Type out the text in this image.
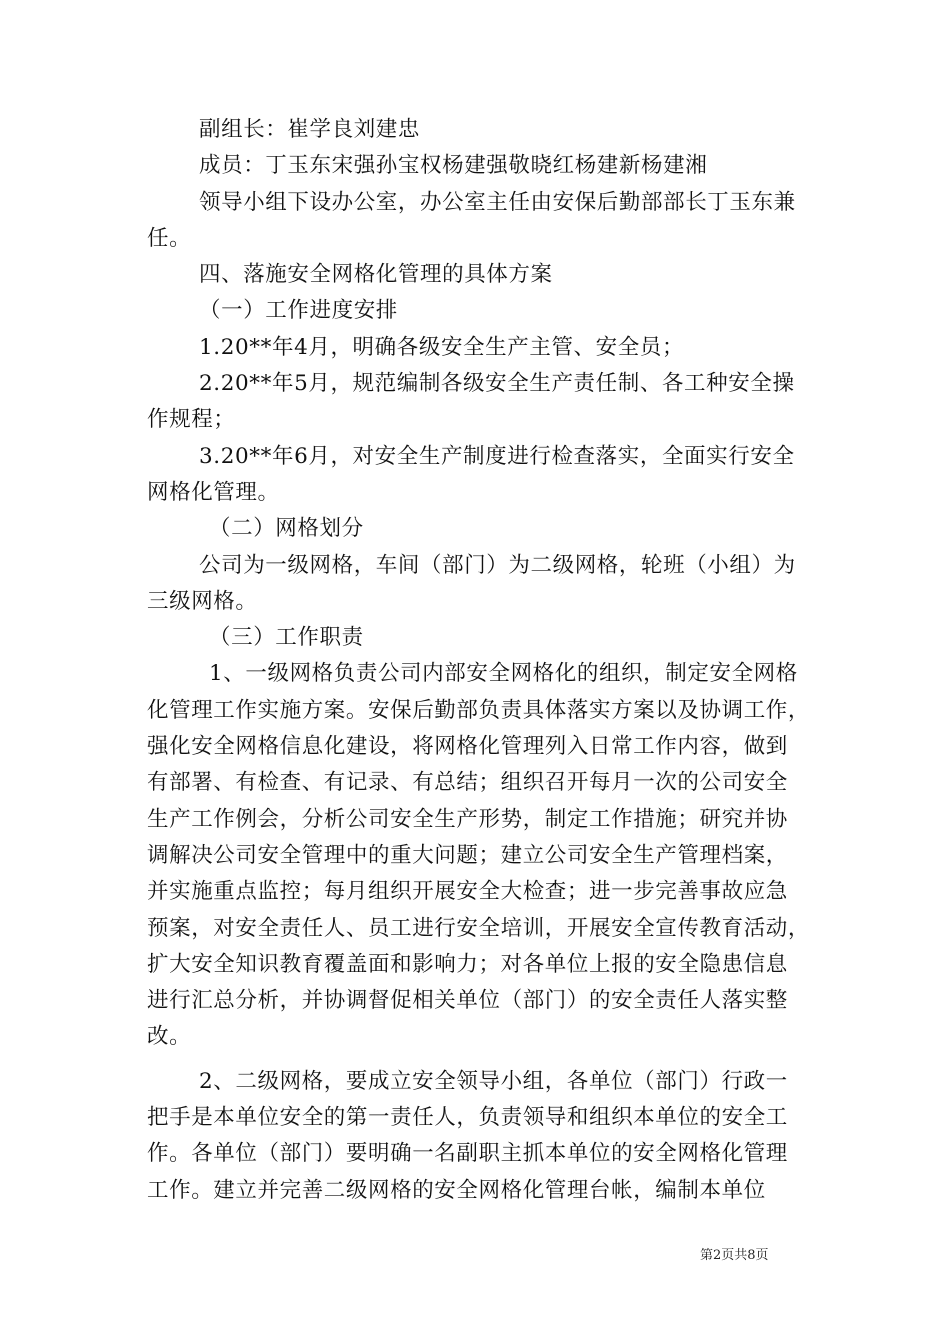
副组长：崔学良刘建忠
成员：丁玉东宋强孙宝权杨建强敬晓红杨建新杨建湘
领导小组下设办公室，办公室主任由安保后勤部部长丁玉东兼
任。
四、落施安全网格化管理的具体方案
（一）工作进度安排
1.20**年4月，明确各级安全生产主管、安全员；
2.20**年5月，规范编制各级安全生产责任制、各工种安全操
作规程；
3.20**年6月，对安全生产制度进行检查落实，全面实行安全
网格化管理。
（二）网格划分
公司为一级网格，车间（部门）为二级网格，轮班（小组）为
三级网格。
（三）工作职责
1、一级网格负责公司内部安全网格化的组织，制定安全网格
化管理工作实施方案。安保后勤部负责具体落实方案以及协调工作，
强化安全网格信息化建设，将网格化管理列入日常工作内容，做到
有部署、有检查、有记录、有总结；组织召开每月一次的公司安全
生产工作例会，分析公司安全生产形势，制定工作措施；研究并协
调解决公司安全管理中的重大问题；建立公司安全生产管理档案，
并实施重点监控；每月组织开展安全大检查；进一步完善事故应急
预案，对安全责任人、员工进行安全培训，开展安全宣传教育活动，
扩大安全知识教育覆盖面和影响力；对各单位上报的安全隐患信息
进行汇总分析，并协调督促相关单位（部门）的安全责任人落实整
改。
2、二级网格，要成立安全领导小组，各单位（部门）行政一
把手是本单位安全的第一责任人，负责领导和组织本单位的安全工
作。各单位（部门）要明确一名副职主抓本单位的安全网格化管理
工作。建立并完善二级网格的安全网格化管理台帐，编制本单位
第2页共8页
